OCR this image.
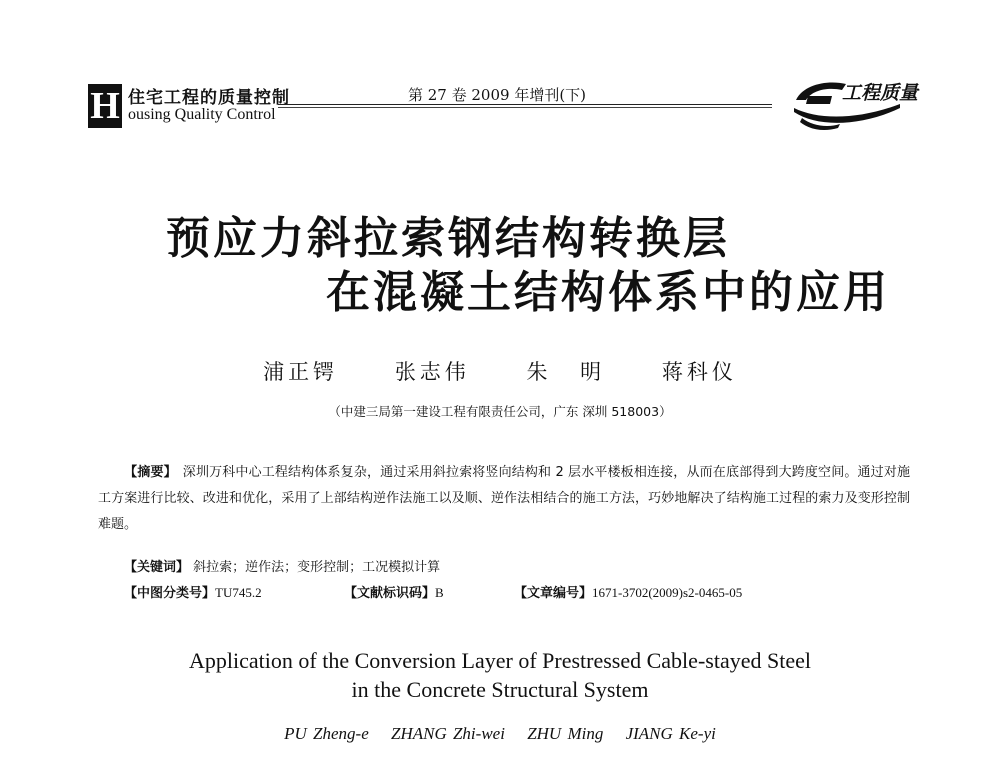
H 住宅工程的质量控制
ousing Quality Control
第 27 卷 2009 年增刊(下)	工程质量
预应力斜拉索钢结构转换层
在混凝土结构体系中的应用
浦正锷	张志伟	朱 明	蒋科仪
（中建三局第一建设工程有限责任公司，广东 深圳 518003）
【摘要】 深圳万科中心工程结构体系复杂，通过采用斜拉索将竖向结构和 2 层水平楼板相连接，从而在底部得到大跨度空间。通过对施工方案进行比较、改进和优化，采用了上部结构逆作法施工以及顺、逆作法相结合的施工方法，巧妙地解决了结构施工过程的索力及变形控制难题。
【关键词】 斜拉索；逆作法；变形控制；工况模拟计算
【中图分类号】TU745.2	【文献标识码】B	【文章编号】1671-3702(2009)s2-0465-05
Application of the Conversion Layer of Prestressed Cable-stayed Steel
in the Concrete Structural System
PU Zheng-e ZHANG Zhi-wei ZHU Ming JIANG Ke-yi
